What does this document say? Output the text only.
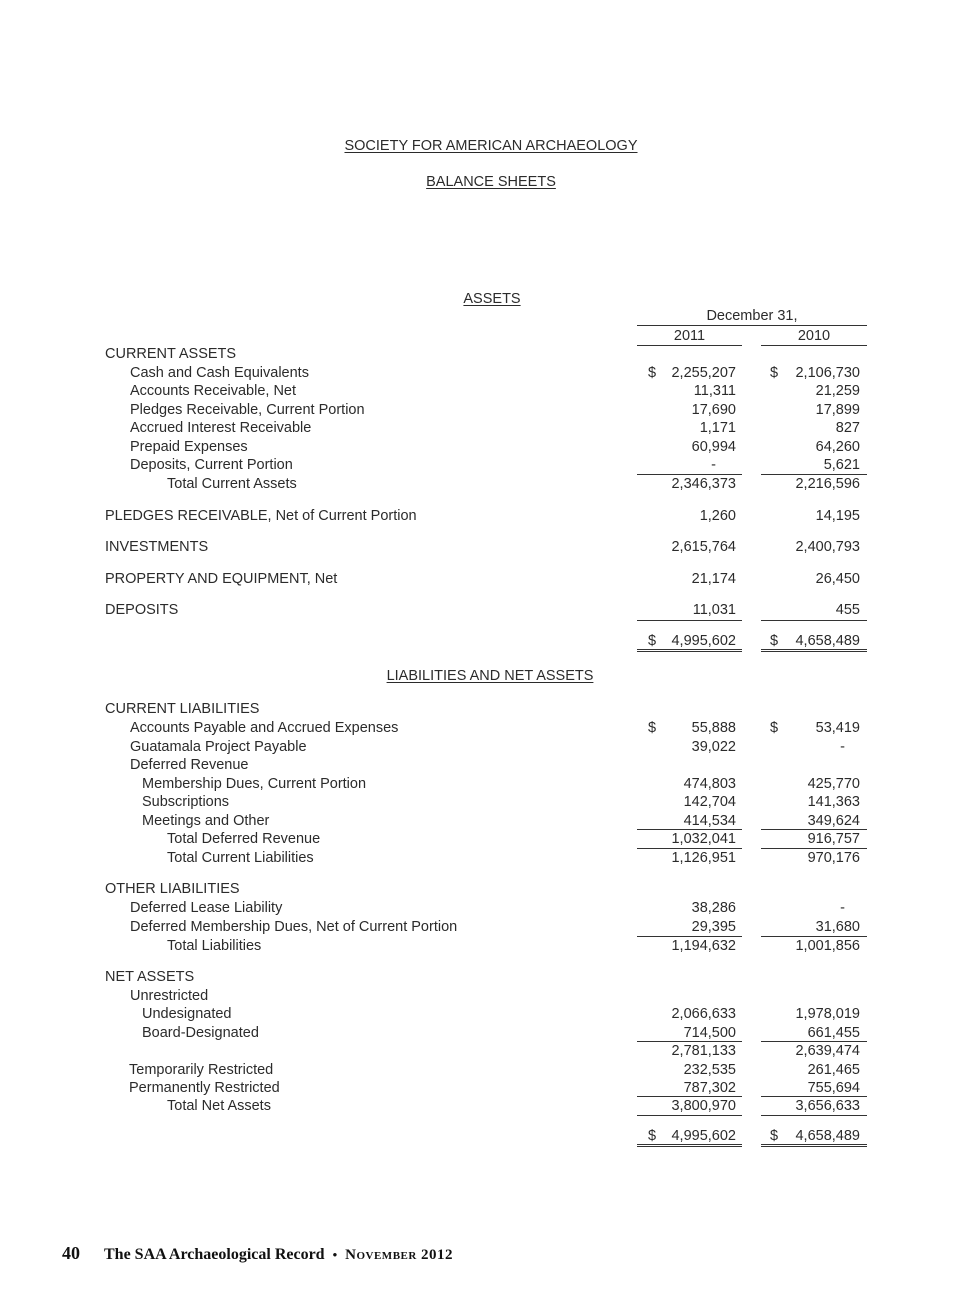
SOCIETY FOR AMERICAN ARCHAEOLOGY
BALANCE SHEETS
ASSETS
December 31,
2011	2010
CURRENT ASSETS
Cash and Cash Equivalents	$	2,255,207 $	2,106,730
Accounts Receivable, Net	11,311	21,259
Pledges Receivable, Current Portion	17,690	17,899
Accrued Interest Receivable	1,171	827
Prepaid Expenses	60,994	64,260
Deposits, Current Portion	-	5,621
Total Current Assets	2,346,373	2,216,596
PLEDGES RECEIVABLE, Net of Current Portion	1,260	14,195
INVESTMENTS	2,615,764	2,400,793
PROPERTY AND EQUIPMENT, Net	21,174	26,450
DEPOSITS	11,031	455
$	4,995,602 $	4,658,489
LIABILITIES AND NET ASSETS
CURRENT LIABILITIES
Accounts Payable and Accrued Expenses	$	55,888 $	53,419
Guatamala Project Payable	39,022	-
Deferred Revenue
Membership Dues, Current Portion	474,803	425,770
Subscriptions	142,704	141,363
Meetings and Other	414,534	349,624
Total Deferred Revenue	1,032,041	916,757
Total Current Liabilities	1,126,951	970,176
OTHER LIABILITIES
Deferred Lease Liability	38,286	-
Deferred Membership Dues, Net of Current Portion	29,395	31,680
Total Liabilities	1,194,632	1,001,856
NET ASSETS
Unrestricted
Undesignated	2,066,633	1,978,019
Board-Designated	714,500	661,455
2,781,133	2,639,474
Temporarily Restricted	232,535	261,465
Permanently Restricted	787,302	755,694
Total Net Assets	3,800,970	3,656,633
$	4,995,602 $	4,658,489
40 The SAA Archaeological Record • November 2012
